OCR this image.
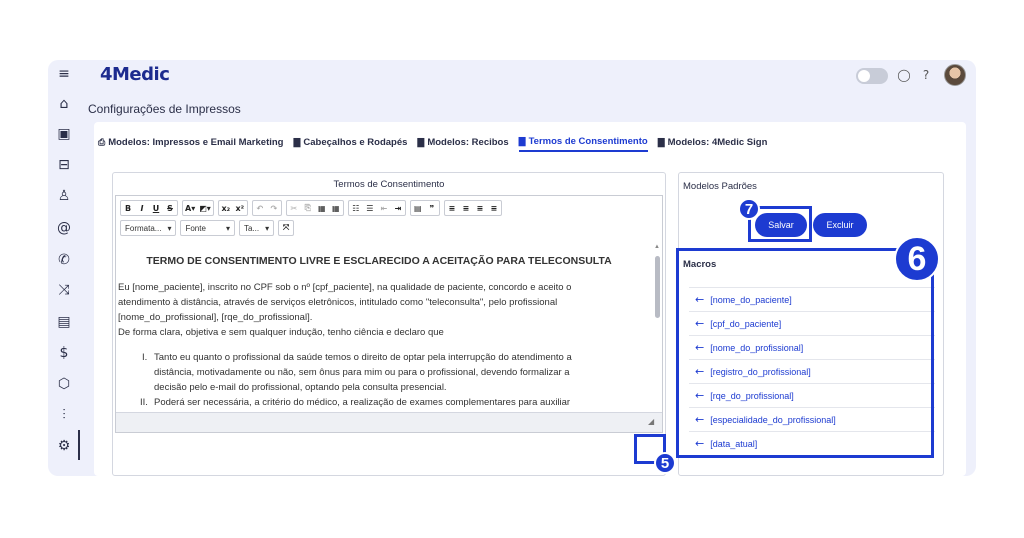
≡
⌂
▣
⊟
♙
@
✆
⤨
▤
$
⬡
⫶
⚙
4Medic	◯	?
Configurações de Impressos
⎙ Modelos: Impressos e Email Marketing ▇ Cabeçalhos e Rodapés ▇ Modelos: Recibos ▇ Termos de Consentimento ▇ Modelos: 4Medic Sign
Termos de Consentimento
B	I	U S	A▾ ◩▾	x₂ x²	↶ ↷	✂ ⎘ ▦ ▦	☷ ☰ ⇤ ⇥	▤ ❞	≡ ≡ ≡ ≡
Formata... ▾ Fonte	▾ Ta... ▾	⤧
TERMO DE CONSENTIMENTO LIVRE E ESCLARECIDO A ACEITAÇÃO PARA TELECONSULTA

Eu [nome_paciente], inscrito no CPF sob o nº [cpf_paciente], na qualidade de paciente, concordo e aceito o

atendimento à distância, através de serviços eletrônicos, intitulado como "teleconsulta", pelo profissional

[nome_do_profissional], [rqe_do_profissional].

De forma clara, objetiva e sem qualquer indução, tenho ciência e declaro que

I. Tanto eu quanto o profissional da saúde temos o direito de optar pela interrupção do atendimento a

distância, motivadamente ou não, sem ônus para mim ou para o profissional, devendo formalizar a

decisão pelo e-mail do profissional, optando pela consulta presencial.

II. Poderá ser necessária, a critério do médico, a realização de exames complementares para auxiliar

▲
◢
Modelos Padrões
Salvar	Excluir
Macros
← [nome_do_paciente]
← [cpf_do_paciente]
← [nome_do_profissional]
← [registro_do_profissional]
← [rqe_do_profissional]
← [especialidade_do_profissional]
← [data_atual]
5
6
7
